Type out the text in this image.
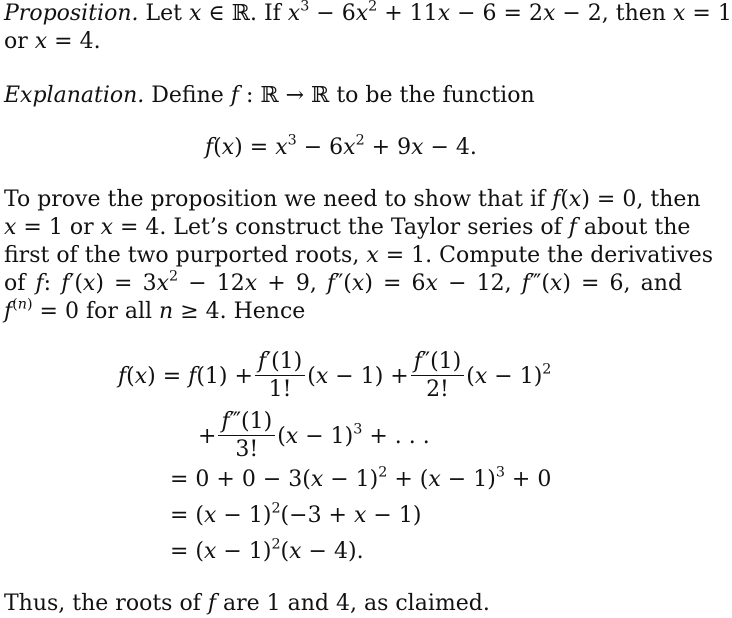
Proposition. Let x ∈ ℝ. If $x^3 - 6x^2 + 11x - 6 = 2x - 2$, then x = 1
or x = 4.
Explanation. Define f : ℝ → ℝ to be the function
$f(x) = x^3 - 6x^2 + 9x - 4$.
To prove the proposition we need to show that if f(x) = 0, then
x = 1 or x = 4. Let’s construct the Taylor series of f about the
first of the two purported roots, x = 1. Compute the derivatives
of f: $f'(x) = 3x^2 - 12x + 9$, f″(x) = 6x − 12, f‴(x) = 6, and
$f^{(n)} = 0$ for all n ≥ 4. Hence
$f(x) = f(1) + \frac{f'(1)}{1!} (x - 1) + \frac{f''(1)}{2!} (x - 1)^2$
+ $\frac{f‴(1)}{3!} (x - 1)^3$ + . . .
= $0 + 0 - 3(x - 1)^2 + (x - 1)^3 + 0$
= $(x - 1)^2(-3 + x - 1)$
= $(x - 1)^2(x - 4)$.
Thus, the roots of f are 1 and 4, as claimed.
